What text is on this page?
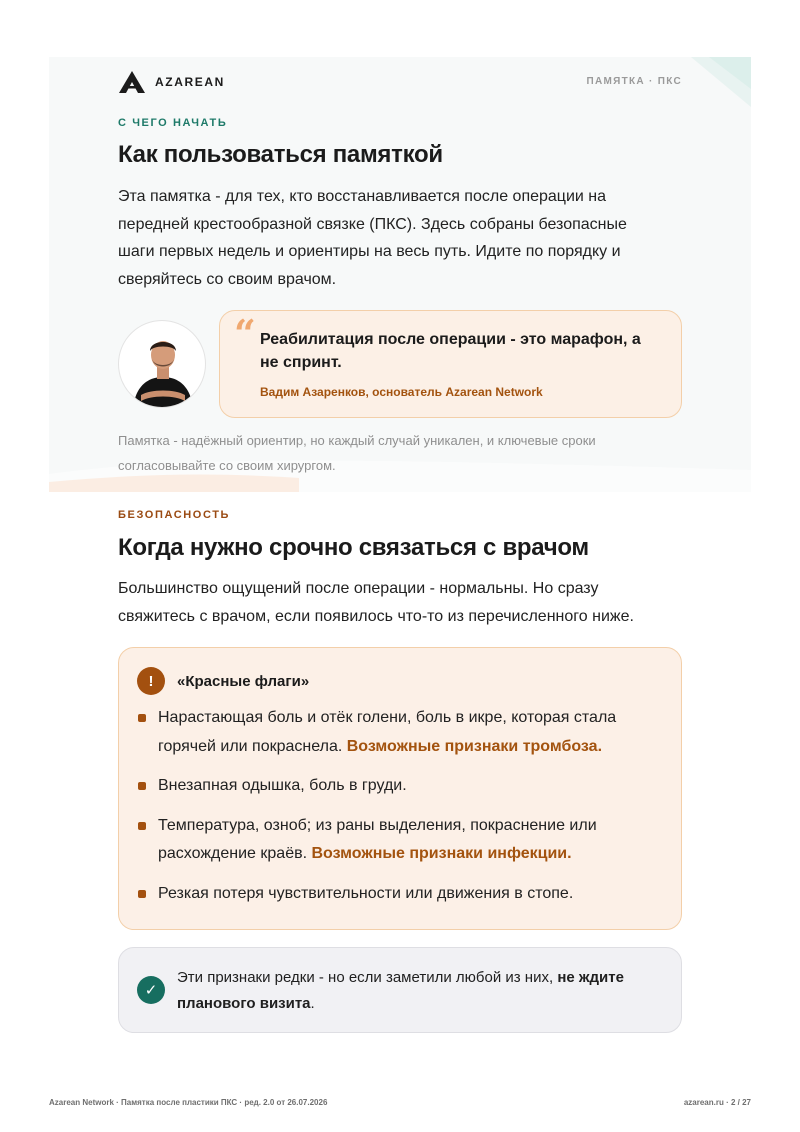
AZAREAN	ПАМЯТКА · ПКС
С ЧЕГО НАЧАТЬ
Как пользоваться памяткой
Эта памятка - для тех, кто восстанавливается после операции на
передней крестообразной связке (ПКС). Здесь собраны безопасные
шаги первых недель и ориентиры на весь путь. Идите по порядку и
сверяйтесь со своим врачом.
“ Реабилитация после операции - это марафон, а
не спринт.
Вадим Азаренков, основатель Azarean Network
Памятка - надёжный ориентир, но каждый случай уникален, и ключевые сроки
согласовывайте со своим хирургом.
БЕЗОПАСНОСТЬ
Когда нужно срочно связаться с врачом
Большинство ощущений после операции - нормальны. Но сразу
свяжитесь с врачом, если появилось что-то из перечисленного ниже.
!	«Красные флаги»
Нарастающая боль и отёк голени, боль в икре, которая стала
горячей или покраснела. Возможные признаки тромбоза.
Внезапная одышка, боль в груди.
Температура, озноб; из раны выделения, покраснение или
расхождение краёв. Возможные признаки инфекции.
Резкая потеря чувствительности или движения в стопе.
✓
Эти признаки редки - но если заметили любой из них, не ждите
планового визита.
Azarean Network · Памятка после пластики ПКС · ред. 2.0 от 26.07.2026	azarean.ru · 2 / 27
